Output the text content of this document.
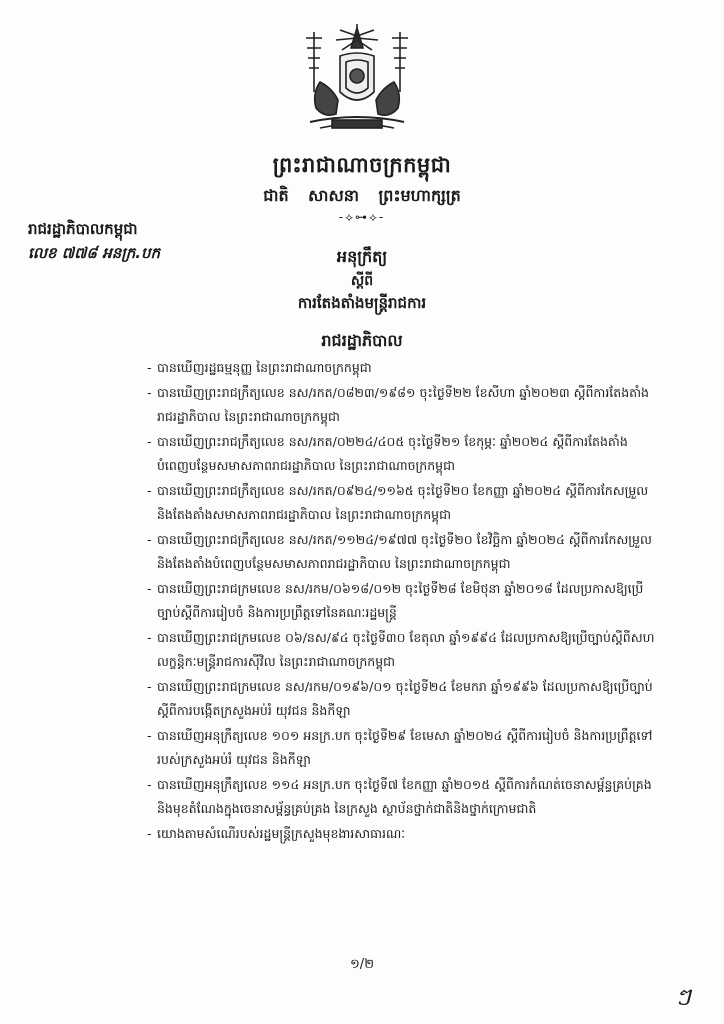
ព្រះរាជាណាចក្រកម្ពុជា
ជាតិ សាសនា ព្រះមហាក្សត្រ
-⟡⊶⟡-
រាជរដ្ឋាភិបាលកម្ពុជា
លេខ ៧៧៨ អនក្រ.បក	អនុក្រឹត្យ
ស្តីពី
ការតែងតាំងមន្ត្រីរាជការ
រាជរដ្ឋាភិបាល
- បានឃើញរដ្ឋធម្មនុញ្ញ នៃព្រះរាជាណាចក្រកម្ពុជា
- បានឃើញព្រះរាជក្រឹត្យលេខ នស/រកត/០៨២៣/១៩៨១ ចុះថ្ងៃទី២២ ខែសីហា ឆ្នាំ២០២៣ ស្តីពីការតែងតាំងរាជរដ្ឋាភិបាល នៃព្រះរាជាណាចក្រកម្ពុជា
- បានឃើញព្រះរាជក្រឹត្យលេខ នស/រកត/០២២៤/៤០៥ ចុះថ្ងៃទី២១ ខែកុម្ភៈ ឆ្នាំ២០២៤ ស្តីពីការតែងតាំងបំពេញបន្ថែមសមាសភាពរាជរដ្ឋាភិបាល នៃព្រះរាជាណាចក្រកម្ពុជា
- បានឃើញព្រះរាជក្រឹត្យលេខ នស/រកត/០៩២៤/១១៦៥ ចុះថ្ងៃទី២០ ខែកញ្ញា ឆ្នាំ២០២៤ ស្តីពីការកែសម្រួល និងតែងតាំងសមាសភាពរាជរដ្ឋាភិបាល នៃព្រះរាជាណាចក្រកម្ពុជា
- បានឃើញព្រះរាជក្រឹត្យលេខ នស/រកត/១១២៤/១៩៧៧ ចុះថ្ងៃទី២០ ខែវិច្ឆិកា ឆ្នាំ២០២៤ ស្តីពីការកែសម្រួល និងតែងតាំងបំពេញបន្ថែមសមាសភាពរាជរដ្ឋាភិបាល នៃព្រះរាជាណាចក្រកម្ពុជា
- បានឃើញព្រះរាជក្រមលេខ នស/រកម/០៦១៨/០១២ ចុះថ្ងៃទី២៨ ខែមិថុនា ឆ្នាំ២០១៨ ដែលប្រកាសឱ្យប្រើច្បាប់ស្តីពីការរៀបចំ និងការប្រព្រឹត្តទៅនៃគណៈរដ្ឋមន្ត្រី
- បានឃើញព្រះរាជក្រមលេខ ០៦/នស/៩៤ ចុះថ្ងៃទី៣០ ខែតុលា ឆ្នាំ១៩៩៤ ដែលប្រកាសឱ្យប្រើច្បាប់ស្តីពីសហលក្ខន្តិកៈមន្ត្រីរាជការស៊ីវិល នៃព្រះរាជាណាចក្រកម្ពុជា
- បានឃើញព្រះរាជក្រមលេខ នស/រកម/០១៩៦/០១ ចុះថ្ងៃទី២៤ ខែមករា ឆ្នាំ១៩៩៦ ដែលប្រកាសឱ្យប្រើច្បាប់ស្តីពីការបង្កើតក្រសួងអប់រំ យុវជន និងកីឡា
- បានឃើញអនុក្រឹត្យលេខ ១០១ អនក្រ.បក ចុះថ្ងៃទី២៩ ខែមេសា ឆ្នាំ២០២៤ ស្តីពីការរៀបចំ និងការប្រព្រឹត្តទៅរបស់ក្រសួងអប់រំ យុវជន និងកីឡា
- បានឃើញអនុក្រឹត្យលេខ ១១៤ អនក្រ.បក ចុះថ្ងៃទី៧ ខែកញ្ញា ឆ្នាំ២០១៥ ស្តីពីការកំណត់ចេនាសម្ព័ន្ធគ្រប់គ្រង និងមុខតំណែងក្នុងចេនាសម្ព័ន្ធគ្រប់គ្រង នៃក្រសួង ស្ថាប័នថ្នាក់ជាតិនិងថ្នាក់ក្រោមជាតិ
- យោងតាមសំណើរបស់រដ្ឋមន្ត្រីក្រសួងមុខងារសាធារណៈ
១/២
ៗ
